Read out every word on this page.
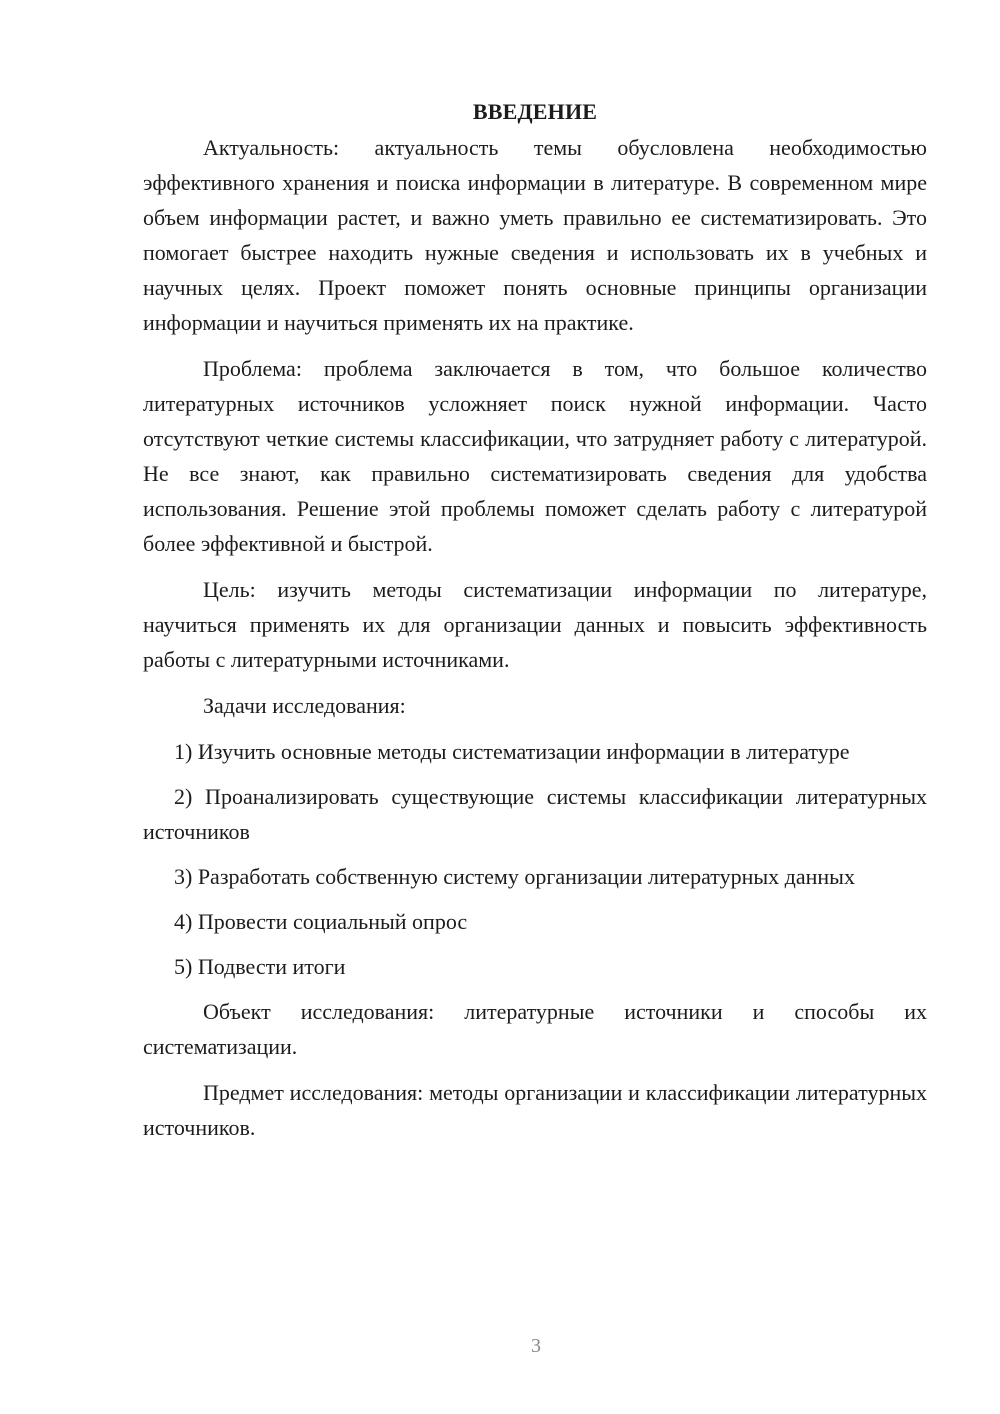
ВВЕДЕНИЕ

Актуальность: актуальность темы обусловлена необходимостью эффективного хранения и поиска информации в литературе. В современном мире объем информации растет, и важно уметь правильно ее систематизировать. Это помогает быстрее находить нужные сведения и использовать их в учебных и научных целях. Проект поможет понять основные принципы организации информации и научиться применять их на практике.

Проблема: проблема заключается в том, что большое количество литературных источников усложняет поиск нужной информации. Часто отсутствуют четкие системы классификации, что затрудняет работу с литературой. Не все знают, как правильно систематизировать сведения для удобства использования. Решение этой проблемы поможет сделать работу с литературой более эффективной и быстрой.

Цель: изучить методы систематизации информации по литературе, научиться применять их для организации данных и повысить эффективность работы с литературными источниками.

Задачи исследования:

1) Изучить основные методы систематизации информации в литературе

2) Проанализировать существующие системы классификации литературных источников

3) Разработать собственную систему организации литературных данных

4) Провести социальный опрос

5) Подвести итоги

Объект исследования: литературные источники и способы их систематизации.

Предмет исследования: методы организации и классификации литературных источников.

3
